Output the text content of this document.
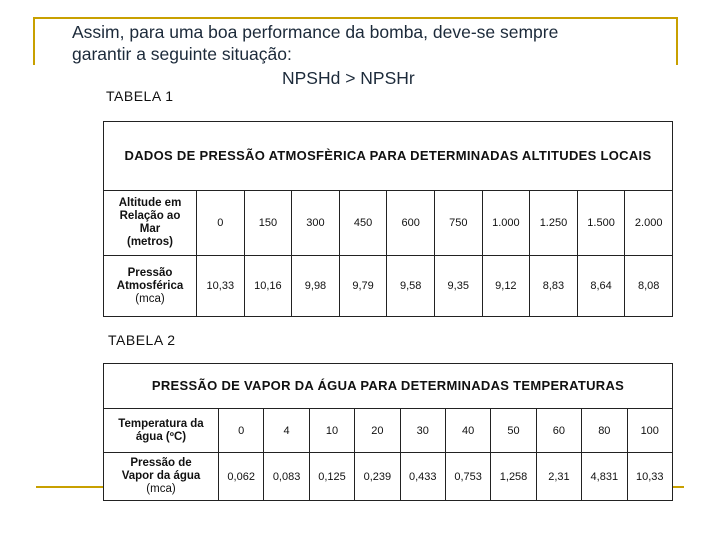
Assim, para uma boa performance da bomba, deve-se sempre
garantir a seguinte situação:
NPSHd > NPSHr
TABELA 1
DADOS DE PRESSÃO ATMOSFÈRICA PARA DETERMINADAS ALTITUDES LOCAIS										
Altitude em
Relação ao
Mar
(metros)	0	150	300	450	600	750	1.000	1.250	1.500	2.000
Pressão
Atmosférica
(mca)	10,33	10,16	9,98	9,79	9,58	9,35	9,12	8,83	8,64	8,08
TABELA 2
PRESSÃO DE VAPOR DA ÁGUA PARA DETERMINADAS TEMPERATURAS										
Temperatura da
água (ºC)	0	4	10	20	30	40	50	60	80	100
Pressão de
Vapor da água
(mca)	0,062	0,083	0,125	0,239	0,433	0,753	1,258	2,31	4,831	10,33
